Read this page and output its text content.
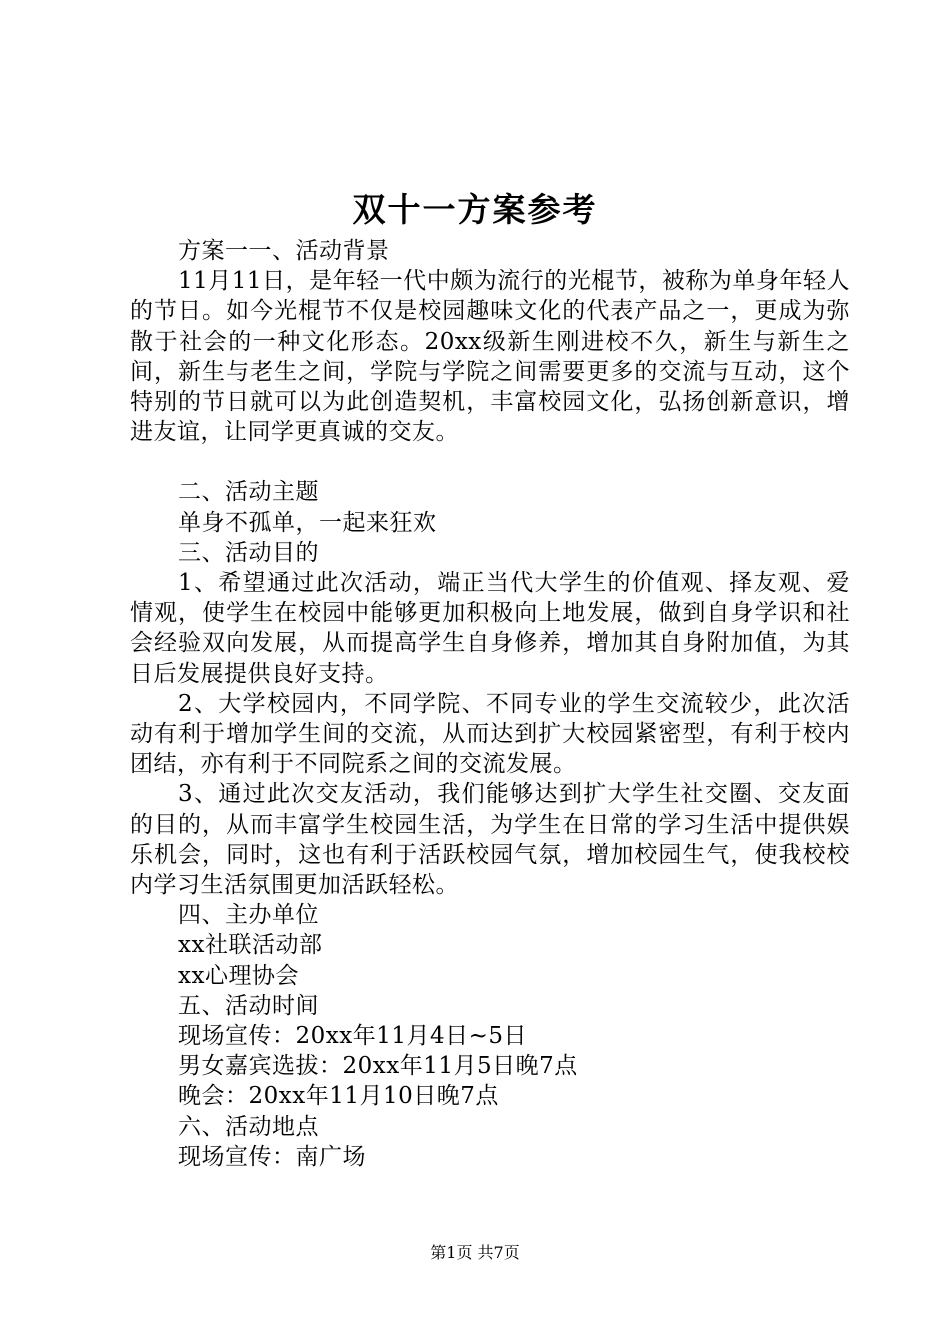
双十一方案参考

方案一一、活动背景

11月11日，是年轻一代中颇为流行的光棍节，被称为单身年轻人的节日。如今光棍节不仅是校园趣味文化的代表产品之一，更成为弥散于社会的一种文化形态。20xx级新生刚进校不久，新生与新生之间，新生与老生之间，学院与学院之间需要更多的交流与互动，这个特别的节日就可以为此创造契机，丰富校园文化，弘扬创新意识，增进友谊，让同学更真诚的交友。

二、活动主题

单身不孤单，一起来狂欢

三、活动目的

1、希望通过此次活动，端正当代大学生的价值观、择友观、爱情观，使学生在校园中能够更加积极向上地发展，做到自身学识和社会经验双向发展，从而提高学生自身修养，增加其自身附加值，为其日后发展提供良好支持。

2、大学校园内，不同学院、不同专业的学生交流较少，此次活动有利于增加学生间的交流，从而达到扩大校园紧密型，有利于校内团结，亦有利于不同院系之间的交流发展。

3、通过此次交友活动，我们能够达到扩大学生社交圈、交友面的目的，从而丰富学生校园生活，为学生在日常的学习生活中提供娱乐机会，同时，这也有利于活跃校园气氛，增加校园生气，使我校校内学习生活氛围更加活跃轻松。

四、主办单位

xx社联活动部

xx心理协会

五、活动时间

现场宣传：20xx年11月4日~5日

男女嘉宾选拔：20xx年11月5日晚7点

晚会：20xx年11月10日晚7点

六、活动地点

现场宣传：南广场

第1页 共7页
